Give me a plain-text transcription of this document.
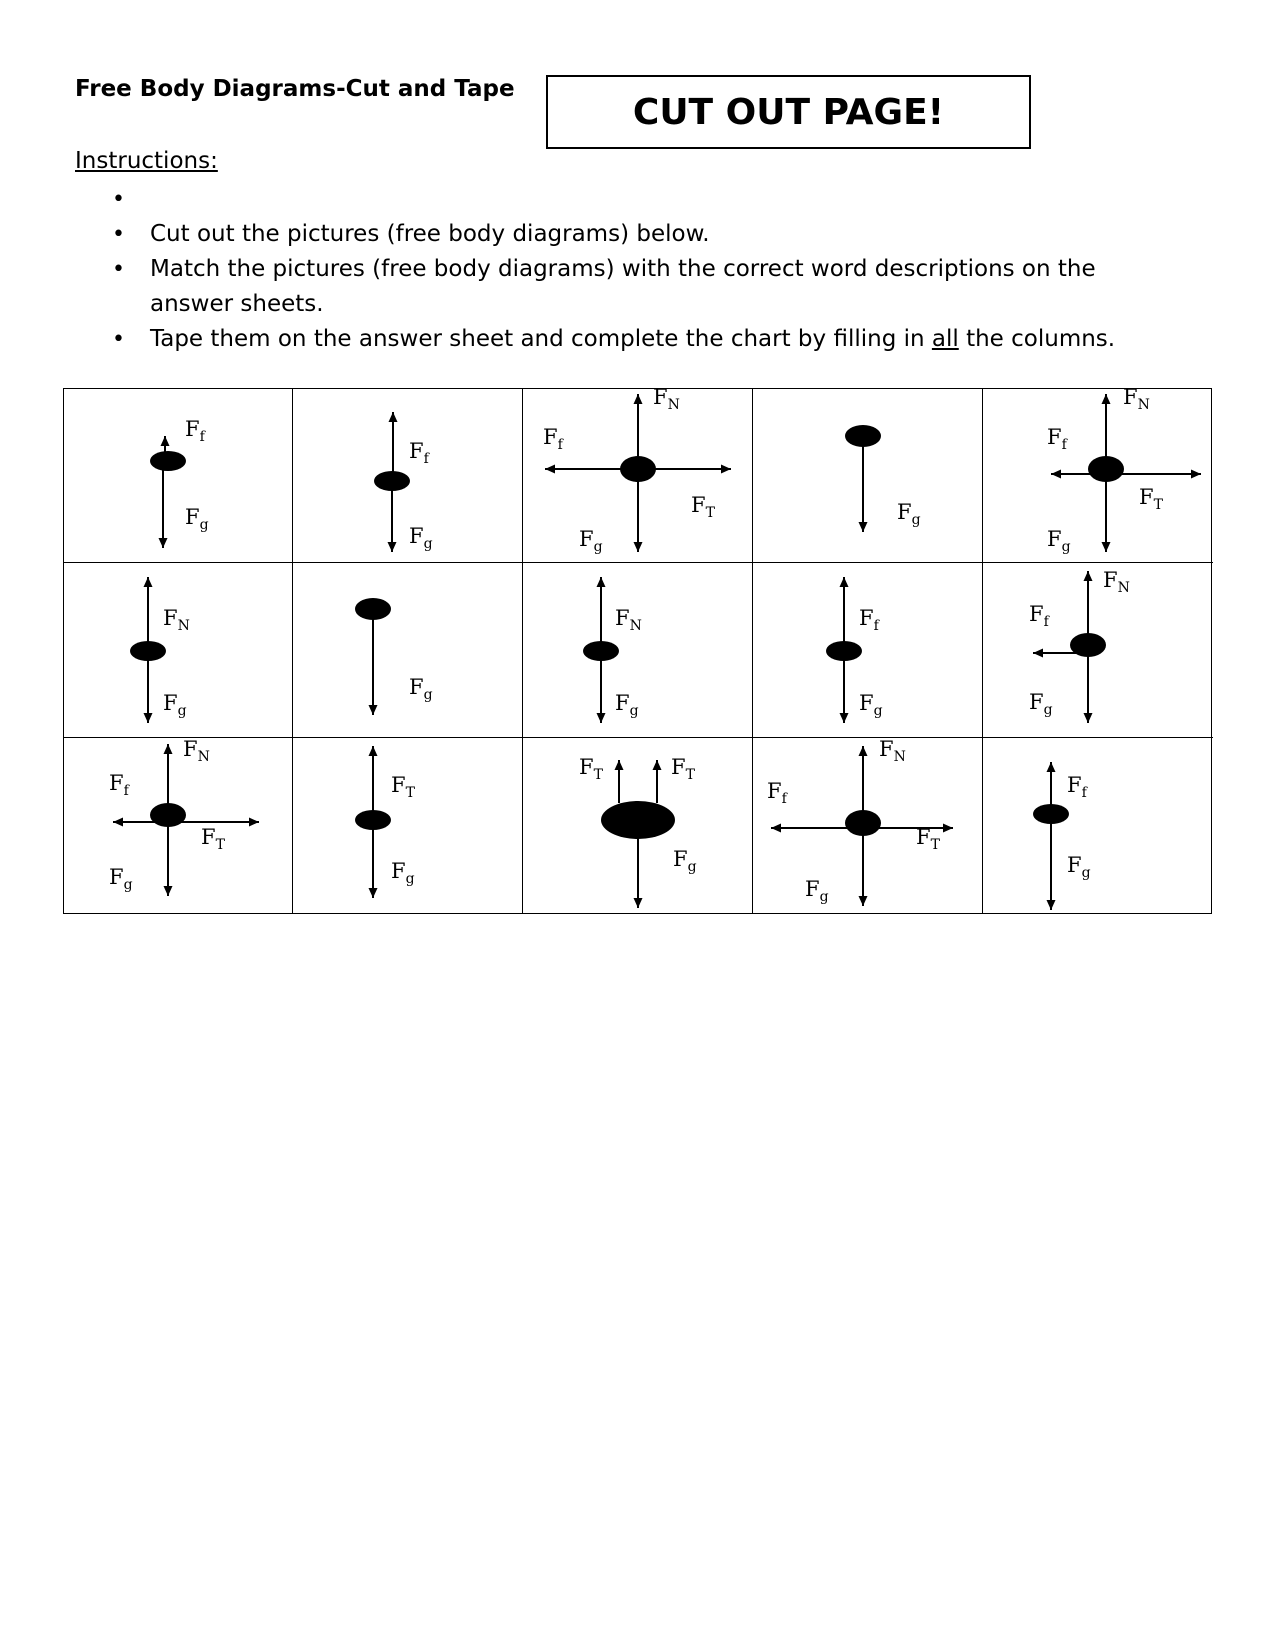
Free Body Diagrams-Cut and Tape
CUT OUT PAGE!
Instructions:
•
• Cut out the pictures (free body diagrams) below.
• Match the pictures (free body diagrams) with the correct word descriptions on the answer sheets.
• Tape them on the answer sheet and complete the chart by filling in all the columns.
$F_f$
$F_g$
$F_f$
$F_g$
$F_N$
$F_f$
$F_T$
$F_g$
$F_g$
$F_N$
$F_f$
$F_T$
$F_g$
$F_N$
$F_g$
$F_g$
$F_N$
$F_g$
$F_f$
$F_g$
$F_N$
$F_f$
$F_g$
$F_N$
$F_f$
$F_T$
$F_g$
$F_T$
$F_g$
$F_T$	$F_T$
$F_g$
$F_N$
$F_f$
$F_T$
$F_g$
$F_f$
$F_g$
